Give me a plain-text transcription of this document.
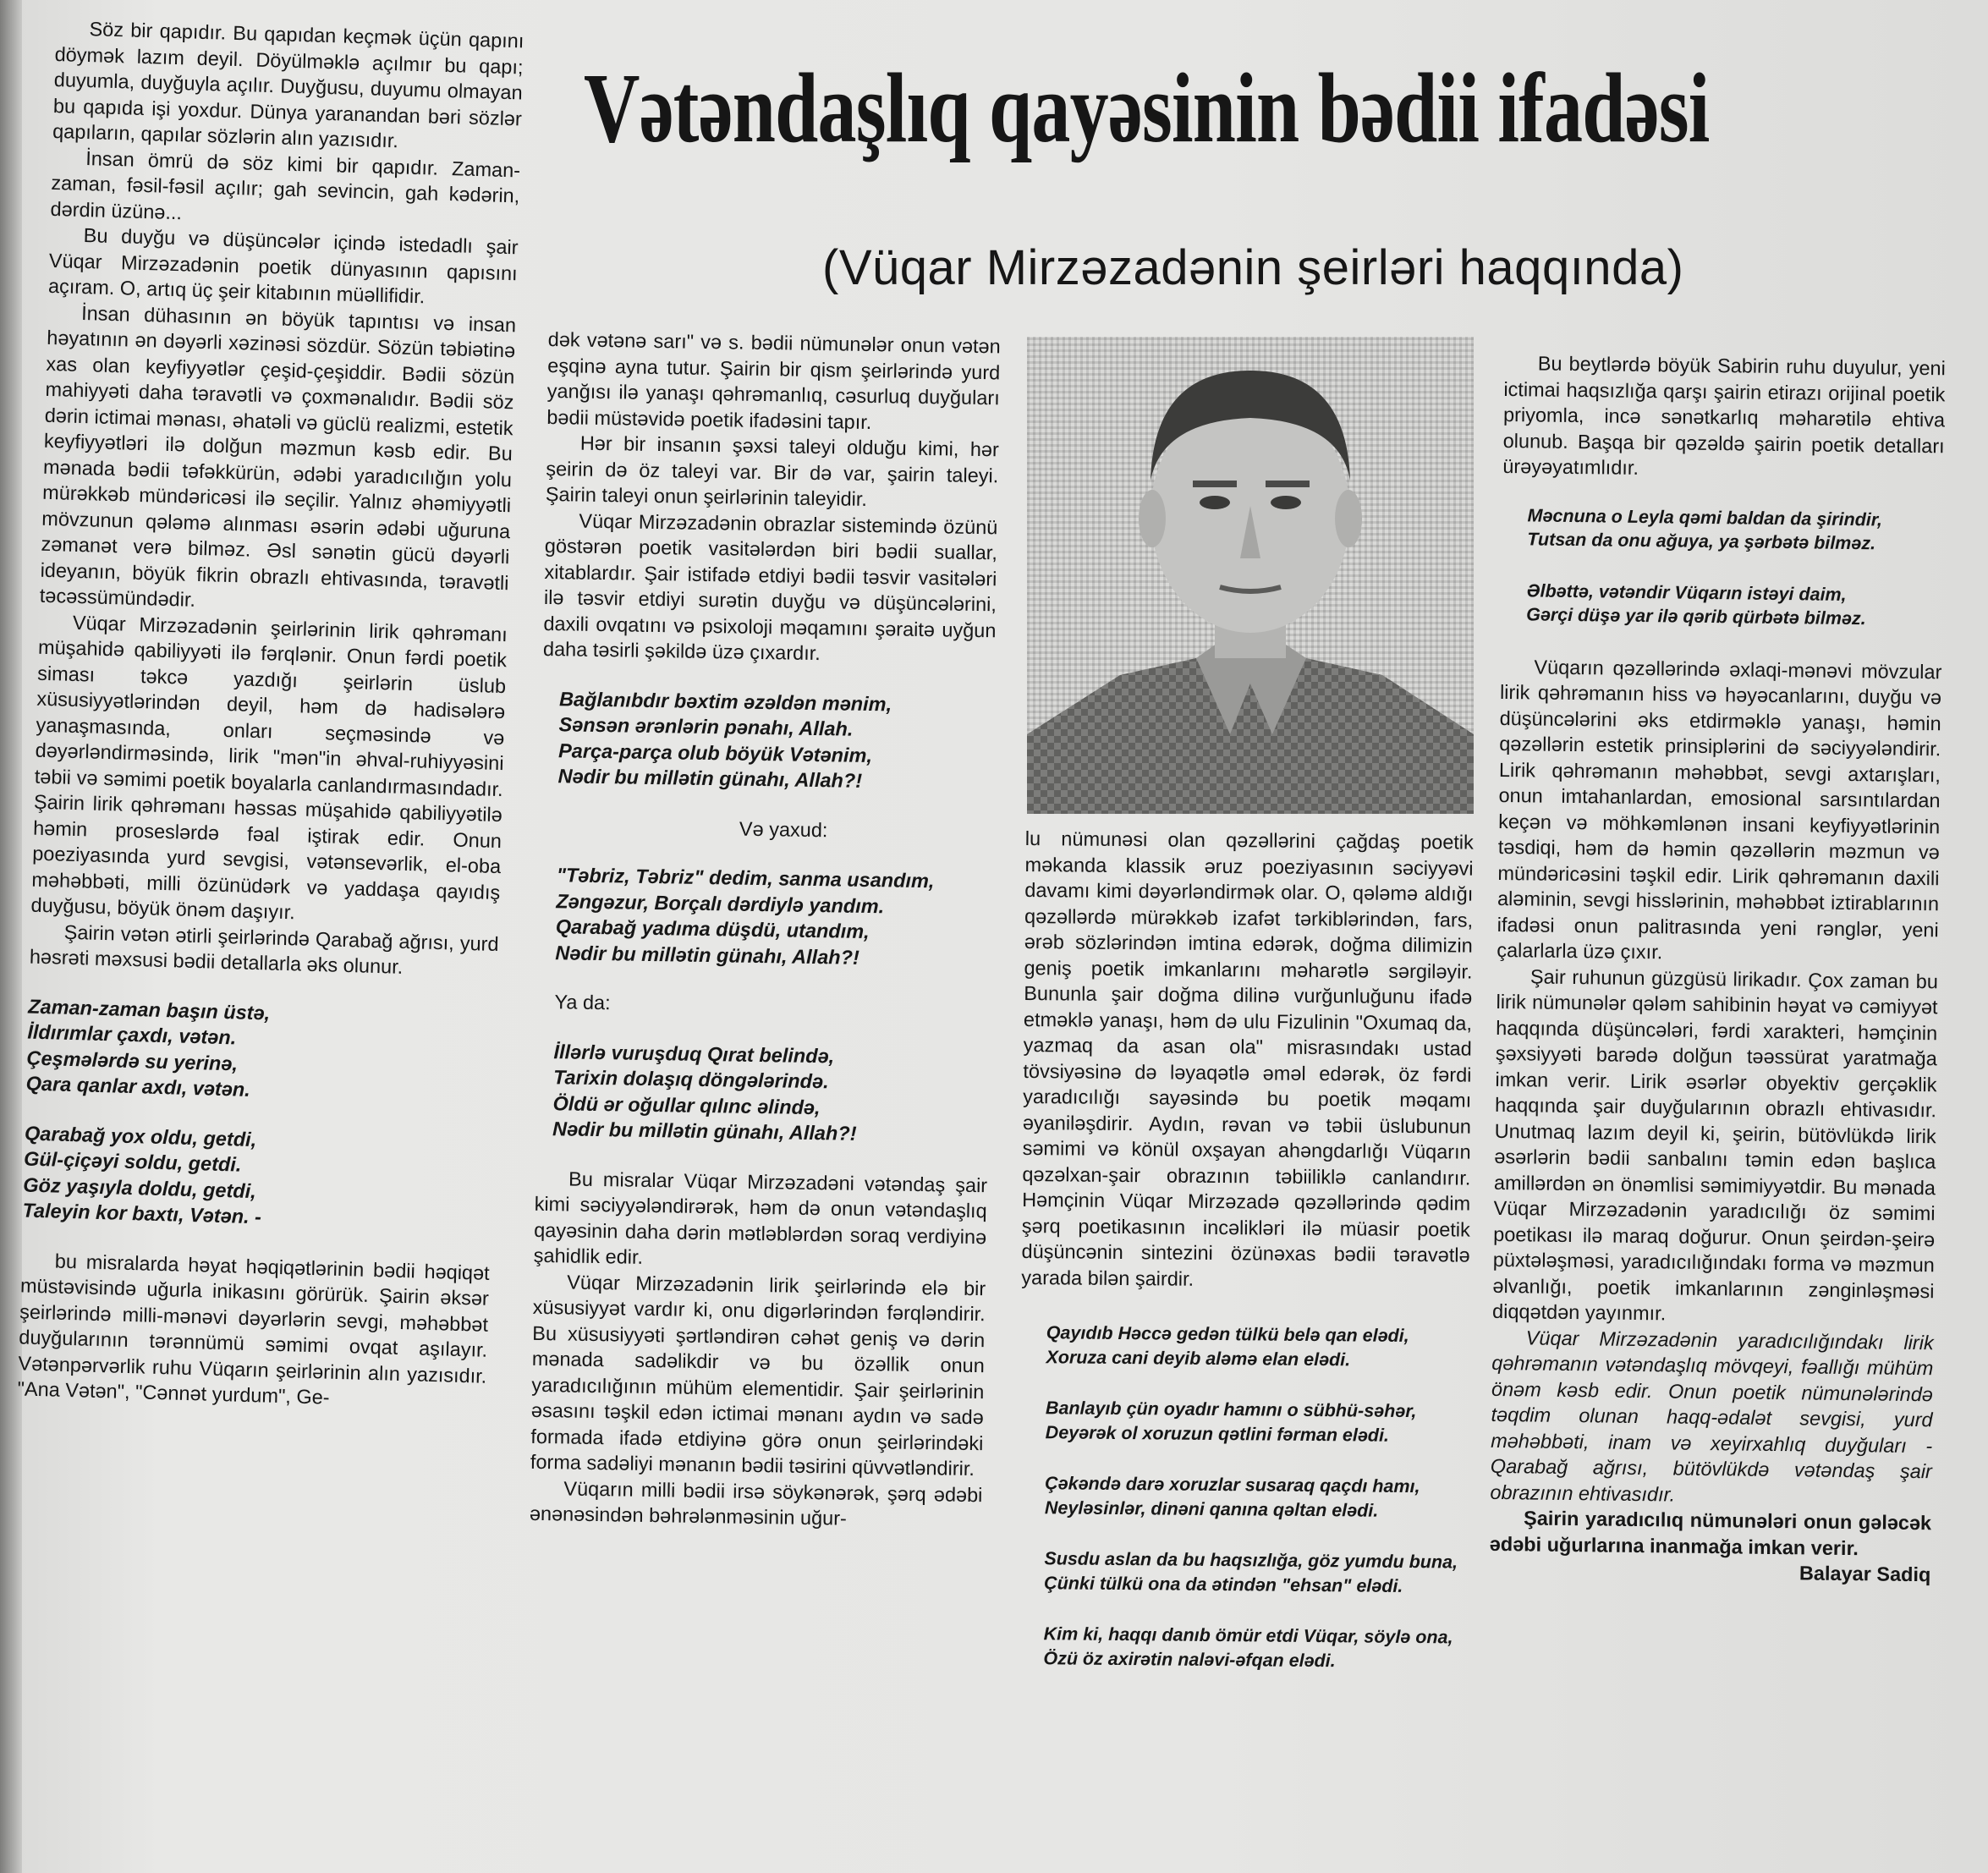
Vətəndaşlıq qayəsinin bədii ifadəsi
(Vüqar Mirzəzadənin şeirləri haqqında)

Söz bir qapıdır. Bu qapıdan keçmək üçün qapını döymək lazım deyil. Döyülməklə açılmır bu qapı; duyumla, duyğuyla açılır. Duyğusu, duyumu olmayan bu qapıda işi yoxdur. Dünya yaranandan bəri sözlər qapıların, qapılar sözlərin alın yazısıdır.

İnsan ömrü də söz kimi bir qapıdır. Zaman-zaman, fəsil-fəsil açılır; gah sevincin, gah kədərin, dərdin üzünə...

Bu duyğu və düşüncələr içində istedadlı şair Vüqar Mirzəzadənin poetik dünyasının qapısını açıram. O, artıq üç şeir kitabının müəllifidir.

İnsan dühasının ən böyük tapıntısı və insan həyatının ən dəyərli xəzinəsi sözdür. Sözün təbiətinə xas olan keyfiyyətlər çeşid-çeşiddir. Bədii sözün mahiyyəti daha təravətli və çoxmənalıdır. Bədii söz dərin ictimai mənası, əhatəli və güclü realizmi, estetik keyfiyyətləri ilə dolğun məzmun kəsb edir. Bu mənada bədii təfəkkürün, ədəbi yaradıcılığın yolu mürəkkəb mündəricəsi ilə seçilir. Yalnız əhəmiyyətli mövzunun qələmə alınması əsərin ədəbi uğuruna zəmanət verə bilməz. Əsl sənətin gücü dəyərli ideyanın, böyük fikrin obrazlı ehtivasında, təravətli təcəssümündədir.

Vüqar Mirzəzadənin şeirlərinin lirik qəhrəmanı müşahidə qabiliyyəti ilə fərqlənir. Onun fərdi poetik siması təkcə yazdığı şeirlərin üslub xüsusiyyətlərindən deyil, həm də hadisələrə yanaşmasında, onları seçməsində və dəyərləndirməsində, lirik "mən"in əhval-ruhiyyəsini təbii və səmimi poetik boyalarla canlandırmasındadır. Şairin lirik qəhrəmanı həssas müşahidə qabiliyyətilə həmin proseslərdə fəal iştirak edir. Onun poeziyasında yurd sevgisi, vətənsevərlik, el-oba məhəbbəti, milli özünüdərk və yaddaşa qayıdış duyğusu, böyük önəm daşıyır.

Şairin vətən ətirli şeirlərində Qarabağ ağrısı, yurd həsrəti məxsusi bədii detallarla əks olunur.

Zaman-zaman başın üstə,
İldırımlar çaxdı, vətən.
Çeşmələrdə su yerinə,
Qara qanlar axdı, vətən.
Qarabağ yox oldu, getdi,
Gül-çiçəyi soldu, getdi.
Göz yaşıyla doldu, getdi,
Taleyin kor baxtı, Vətən. -

bu misralarda həyat həqiqətlərinin bədii həqiqət müstəvisində uğurla inikasını görürük. Şairin əksər şeirlərində milli-mənəvi dəyərlərin sevgi, məhəbbət duyğularının tərənnümü səmimi ovqat aşılayır. Vətənpərvərlik ruhu Vüqarın şeirlərinin alın yazısıdır. "Ana Vətən", "Cənnət yurdum", Ge-

dək vətənə sarı" və s. bədii nümunələr onun vətən eşqinə ayna tutur. Şairin bir qism şeirlərində yurd yanğısı ilə yanaşı qəhrəmanlıq, cəsurluq duyğuları bədii müstəvidə poetik ifadəsini tapır.

Hər bir insanın şəxsi taleyi olduğu kimi, hər şeirin də öz taleyi var. Bir də var, şairin taleyi. Şairin taleyi onun şeirlərinin taleyidir.

Vüqar Mirzəzadənin obrazlar sistemində özünü göstərən poetik vasitələrdən biri bədii suallar, xitablardır. Şair istifadə etdiyi bədii təsvir vasitələri ilə təsvir etdiyi surətin duyğu və düşüncələrini, daxili ovqatını və psixoloji məqamını şəraitə uyğun daha təsirli şəkildə üzə çıxardır.

Bağlanıbdır bəxtim əzəldən mənim,
Sənsən ərənlərin pənahı, Allah.
Parça-parça olub böyük Vətənim,
Nədir bu millətin günahı, Allah?!

Və yaxud:

"Təbriz, Təbriz" dedim, sanma usandım,
Zəngəzur, Borçalı dərdiylə yandım.
Qarabağ yadıma düşdü, utandım,
Nədir bu millətin günahı, Allah?!

Ya da:

İllərlə vuruşduq Qırat belində,
Tarixin dolaşıq döngələrində.
Öldü ər oğullar qılınc əlində,
Nədir bu millətin günahı, Allah?!

Bu misralar Vüqar Mirzəzadəni vətəndaş şair kimi səciyyələndirərək, həm də onun vətəndaşlıq qayəsinin daha dərin mətləblərdən soraq verdiyinə şahidlik edir.

Vüqar Mirzəzadənin lirik şeirlərində elə bir xüsusiyyət vardır ki, onu digərlərindən fərqləndirir. Bu xüsusiyyəti şərtləndirən cəhət geniş və dərin mənada sadəlikdir və bu özəllik onun yaradıcılığının mühüm elementidir. Şair şeirlərinin əsasını təşkil edən ictimai mənanı aydın və sadə formada ifadə etdiyinə görə onun şeirlərindəki forma sadəliyi mənanın bədii təsirini qüvvətləndirir.

Vüqarın milli bədii irsə söykənərək, şərq ədəbi ənənəsindən bəhrələnməsinin uğur-

lu nümunəsi olan qəzəllərini çağdaş poetik məkanda klassik əruz poeziyasının səciyyəvi davamı kimi dəyərləndirmək olar. O, qələmə aldığı qəzəllərdə mürəkkəb izafət tərkiblərindən, fars, ərəb sözlərindən imtina edərək, doğma dilimizin geniş poetik imkanlarını məharətlə sərgiləyir. Bununla şair doğma dilinə vurğunluğunu ifadə etməklə yanaşı, həm də ulu Fizulinin "Oxumaq da, yazmaq da asan ola" misrasındakı ustad tövsiyəsinə də ləyaqətlə əməl edərək, öz fərdi yaradıcılığı sayəsində bu poetik məqamı əyaniləşdirir. Aydın, rəvan və təbii üslubunun səmimi və könül oxşayan ahəngdarlığı Vüqarın qəzəlxan-şair obrazının təbiiliklə canlandırır. Həmçinin Vüqar Mirzəzadə qəzəllərində qədim şərq poetikasının incəlikləri ilə müasir poetik düşüncənin sintezini özünəxas bədii təravətlə yarada bilən şairdir.

Qayıdıb Həccə gedən tülkü belə qan elədi,
Xoruza cani deyib aləmə elan elədi.
Banlayıb çün oyadır hamını o sübhü-səhər,
Deyərək ol xoruzun qətlini fərman elədi.
Çəkəndə darə xoruzlar susaraq qaçdı hamı,
Neyləsinlər, dinəni qanına qəltan elədi.
Susdu aslan da bu haqsızlığa, göz yumdu buna,
Çünki tülkü ona da ətindən "ehsan" elədi.
Kim ki, haqqı danıb ömür etdi Vüqar, söylə ona,
Özü öz axirətin naləvi-əfqan elədi.

Bu beytlərdə böyük Sabirin ruhu duyulur, yeni ictimai haqsızlığa qarşı şairin etirazı orijinal poetik priyomla, incə sənətkarlıq məharətilə ehtiva olunub. Başqa bir qəzəldə şairin poetik detalları ürəyəyatımlıdır.

Məcnuna o Leyla qəmi baldan da şirindir,
Tutsan da onu ağuya, ya şərbətə bilməz.
Əlbəttə, vətəndir Vüqarın istəyi daim,
Gərçi düşə yar ilə qərib qürbətə bilməz.

Vüqarın qəzəllərində əxlaqi-mənəvi mövzular lirik qəhrəmanın hiss və həyəcanlarını, duyğu və düşüncələrini əks etdirməklə yanaşı, həmin qəzəllərin estetik prinsiplərini də səciyyələndirir. Lirik qəhrəmanın məhəbbət, sevgi axtarışları, onun imtahanlardan, emosional sarsıntılardan keçən və möhkəmlənən insani keyfiyyətlərinin təsdiqi, həm də həmin qəzəllərin məzmun və mündəricəsini təşkil edir. Lirik qəhrəmanın daxili aləminin, sevgi hisslərinin, məhəbbət iztirablarının ifadəsi onun palitrasında yeni rənglər, yeni çalarlarla üzə çıxır.

Şair ruhunun güzgüsü lirikadır. Çox zaman bu lirik nümunələr qələm sahibinin həyat və cəmiyyət haqqında düşüncələri, fərdi xarakteri, həmçinin şəxsiyyəti barədə dolğun təəssürat yaratmağa imkan verir. Lirik əsərlər obyektiv gerçəklik haqqında şair duyğularının obrazlı ehtivasıdır. Unutmaq lazım deyil ki, şeirin, bütövlükdə lirik əsərlərin bədii sanbalını təmin edən başlıca amillərdən ən önəmlisi səmimiyyətdir. Bu mənada Vüqar Mirzəzadənin yaradıcılığı öz səmimi poetikası ilə maraq doğurur. Onun şeirdən-şeirə püxtələşməsi, yaradıcılığındakı forma və məzmun əlvanlığı, poetik imkanlarının zənginləşməsi diqqətdən yayınmır.

Vüqar Mirzəzadənin yaradıcılığındakı lirik qəhrəmanın vətəndaşlıq mövqeyi, fəallığı mühüm önəm kəsb edir. Onun poetik nümunələrində təqdim olunan haqq-ədalət sevgisi, yurd məhəbbəti, inam və xeyirxahlıq duyğuları - Qarabağ ağrısı, bütövlükdə vətəndaş şair obrazının ehtivasıdır.

Şairin yaradıcılıq nümunələri onun gələcək ədəbi uğurlarına inanmağa imkan verir.

Balayar Sadiq
